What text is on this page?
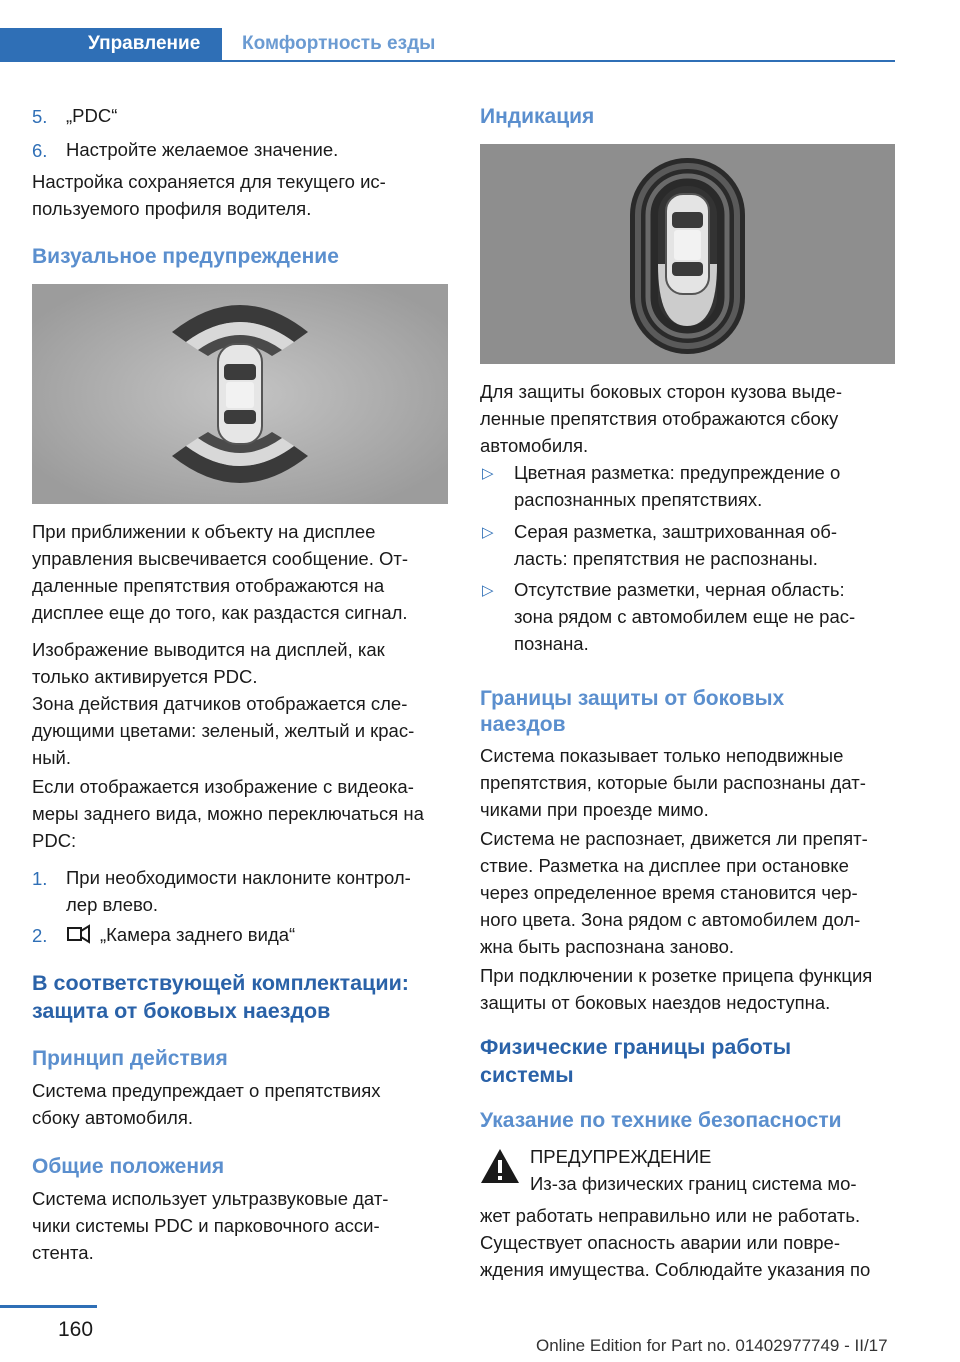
Управление Комфортность езды
5. „PDC“

6. Настройте желаемое значение.

Настройка сохраняется для текущего ис-

пользуемого профиля водителя.

Визуальное предупреждение

При приближении к объекту на дисплее

управления высвечивается сообщение. От-

даленные препятствия отображаются на

дисплее еще до того, как раздастся сигнал.

Изображение выводится на дисплей, как

только активируется PDC.

Зона действия датчиков отображается сле-

дующими цветами: зеленый, желтый и крас-

ный.

Если отображается изображение с видеока-

меры заднего вида, можно переключаться на

PDC:

1. При необходимости наклоните контрол-

лер влево.

2.	„Камера заднего вида“

В соответствующей комплектации:

защита от боковых наездов

Принцип действия

Система предупреждает о препятствиях

сбоку автомобиля.

Общие положения

Система использует ультразвуковые дат-

чики системы PDC и парковочного асси-

стента.

Индикация

Для защиты боковых сторон кузова выде-

ленные препятствия отображаются сбоку

автомобиля.

▷ Цветная разметка: предупреждение о

распознанных препятствиях.

▷ Серая разметка, заштрихованная об-

ласть: препятствия не распознаны.

▷ Отсутствие разметки, черная область:

зона рядом с автомобилем еще не рас-

познана.

Границы защиты от боковых

наездов

Система показывает только неподвижные

препятствия, которые были распознаны дат-

чиками при проезде мимо.

Система не распознает, движется ли препят-

ствие. Разметка на дисплее при остановке

через определенное время становится чер-

ного цвета. Зона рядом с автомобилем дол-

жна быть распознана заново.

При подключении к розетке прицепа функция

защиты от боковых наездов недоступна.

Физические границы работы

системы

Указание по технике безопасности

ПРЕДУПРЕЖДЕНИЕ

Из-за физических границ система мо-

жет работать неправильно или не работать.

Существует опасность аварии или повре-

ждения имущества. Соблюдайте указания по

160
Online Edition for Part no. 01402977749 - II/17
